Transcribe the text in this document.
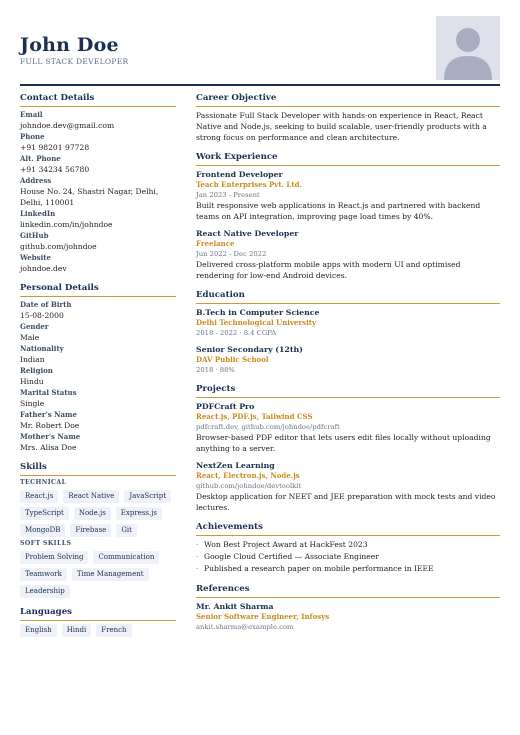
John Doe
FULL STACK DEVELOPER
Contact Details
Email
johndoe.dev@gmail.com
Phone
+91 98201 97728
Alt. Phone
+91 34234 56780
Address
House No. 24, Shastri Nagar, Delhi, Delhi, 110001
LinkedIn
linkedin.com/in/johndoe
GitHub
github.com/johndoe
Website
johndoe.dev
Personal Details
Date of Birth
15-08-2000
Gender
Male
Nationality
Indian
Religion
Hindu
Marital Status
Single
Father's Name
Mr. Robert Doe
Mother's Name
Mrs. Alisa Doe
Skills
TECHNICAL
React.js	React Native	JavaScript
TypeScript	Node.js	Express.js
MongoDB	Firebase	Git
SOFT SKILLS
Problem Solving	Communication
Teamwork	Time Management
Leadership
Languages
English	Hindi	French
Career Objective
Passionate Full Stack Developer with hands-on experience in React, React Native and Node.js, seeking to build scalable, user-friendly products with a strong focus on performance and clean architecture.
Work Experience
Frontend Developer
Teach Enterprises Pvt. Ltd.
Jan 2023 - Present
Built responsive web applications in React.js and partnered with backend teams on API integration, improving page load times by 40%.
React Native Developer
Freelance
Jun 2022 - Dec 2022
Delivered cross-platform mobile apps with modern UI and optimised rendering for low-end Android devices.
Education
B.Tech in Computer Science
Delhi Technological University
2018 - 2022 · 8.4 CGPA
Senior Secondary (12th)
DAV Public School
2018 · 88%
Projects
PDFCraft Pro
React.js, PDF.js, Tailwind CSS
pdfcraft.dev, github.com/johndoe/pdfcraft
Browser-based PDF editor that lets users edit files locally without uploading anything to a server.
NextZen Learning
React, Electron.js, Node.js
github.com/johndoe/devtoolkit
Desktop application for NEET and JEE preparation with mock tests and video lectures.
Achievements
· Won Best Project Award at HackFest 2023
· Google Cloud Certified — Associate Engineer
· Published a research paper on mobile performance in IEEE
References
Mr. Ankit Sharma
Senior Software Engineer, Infosys
ankit.sharma@example.com
